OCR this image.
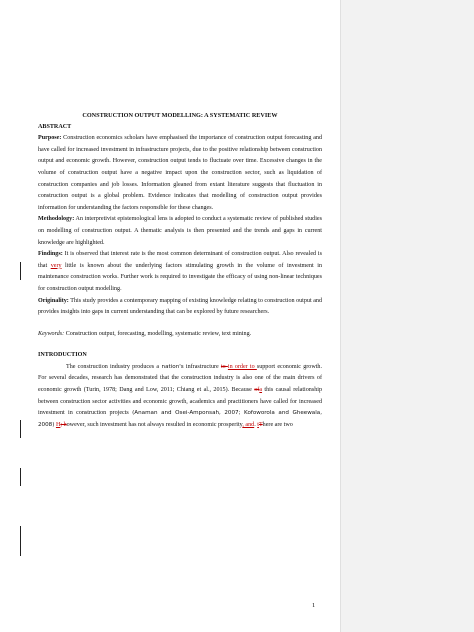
CONSTRUCTION OUTPUT MODELLING: A SYSTEMATIC REVIEW

ABSTRACT

Purpose: Construction economics scholars have emphasised the importance of construction output forecasting and have called for increased investment in infrastructure projects, due to the positive relationship between construction output and economic growth. However, construction output tends to fluctuate over time. Excessive changes in the volume of construction output have a negative impact upon the construction sector, such as liquidation of construction companies and job losses. Information gleaned from extant literature suggests that fluctuation in construction output is a global problem. Evidence indicates that modelling of construction output provides information for understanding the factors responsible for these changes.

Methodology: An interpretivist epistemological lens is adopted to conduct a systematic review of published studies on modelling of construction output. A thematic analysis is then presented and the trends and gaps in current knowledge are highlighted.

Findings: It is observed that interest rate is the most common determinant of construction output. Also revealed is that very little is known about the underlying factors stimulating growth in the volume of investment in maintenance construction works. Further work is required to investigate the efficacy of using non-linear techniques for construction output modelling.

Originality: This study provides a contemporary mapping of existing knowledge relating to construction output and provides insights into gaps in current understanding that can be explored by future researchers.

Keywords: Construction output, forecasting, modelling, systematic review, text mining.

INTRODUCTION

The construction industry produces a nation's infrastructure to in order to support economic growth. For several decades, research has demonstrated that the construction industry is also one of the main drivers of economic growth (Turin, 1978; Dang and Low, 2011; Chiang et al., 2015). Because ofa this causal relationship between construction sector activities and economic growth, academics and practitioners have called for increased investment in construction projects (Anaman and Osei-Amponsah, 2007; Kofoworola and Gheewala, 2008) H; however, such investment has not always resulted in economic prosperity, and. tThere are two

1
